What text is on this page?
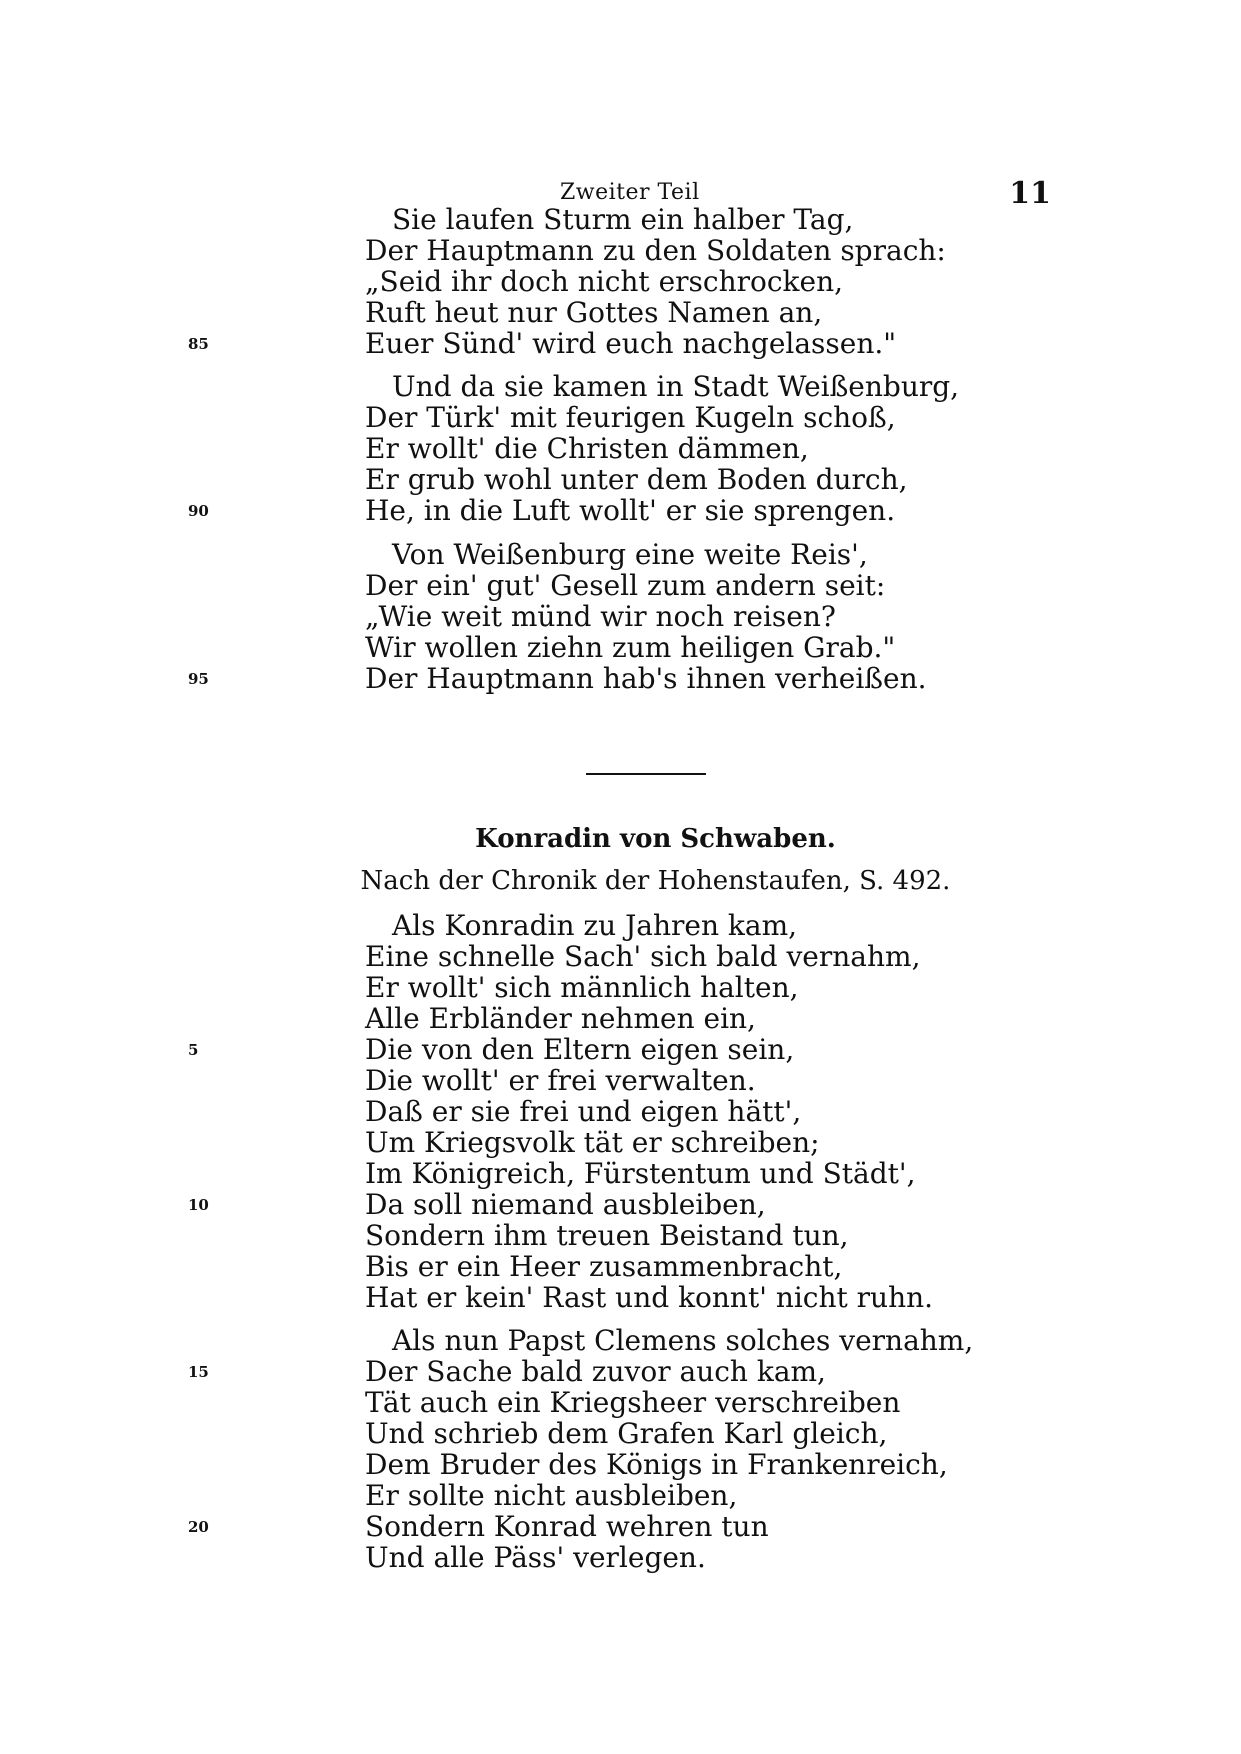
Zweiter Teil	11
Sie laufen Sturm ein halber Tag,
Der Hauptmann zu den Soldaten sprach:
„Seid ihr doch nicht erschrocken,
Ruft heut nur Gottes Namen an,
Euer Sünd' wird euch nachgelassen."
85
Und da sie kamen in Stadt Weißenburg,
Der Türk' mit feurigen Kugeln schoß,
Er wollt' die Christen dämmen,
Er grub wohl unter dem Boden durch,
He, in die Luft wollt' er sie sprengen.
90
Von Weißenburg eine weite Reis',
Der ein' gut' Gesell zum andern seit:
„Wie weit münd wir noch reisen?
Wir wollen ziehn zum heiligen Grab."
Der Hauptmann hab's ihnen verheißen.
95
Konradin von Schwaben.
Nach der Chronik der Hohenstaufen, S. 492.
Als Konradin zu Jahren kam,
Eine schnelle Sach' sich bald vernahm,
Er wollt' sich männlich halten,
Alle Erbländer nehmen ein,
Die von den Eltern eigen sein,
5
Die wollt' er frei verwalten.
Daß er sie frei und eigen hätt',
Um Kriegsvolk tät er schreiben;
Im Königreich, Fürstentum und Städt',
Da soll niemand ausbleiben,
10
Sondern ihm treuen Beistand tun,
Bis er ein Heer zusammenbracht,
Hat er kein' Rast und konnt' nicht ruhn.
Als nun Papst Clemens solches vernahm,
Der Sache bald zuvor auch kam,
15
Tät auch ein Kriegsheer verschreiben
Und schrieb dem Grafen Karl gleich,
Dem Bruder des Königs in Frankenreich,
Er sollte nicht ausbleiben,
Sondern Konrad wehren tun
20
Und alle Päss' verlegen.
